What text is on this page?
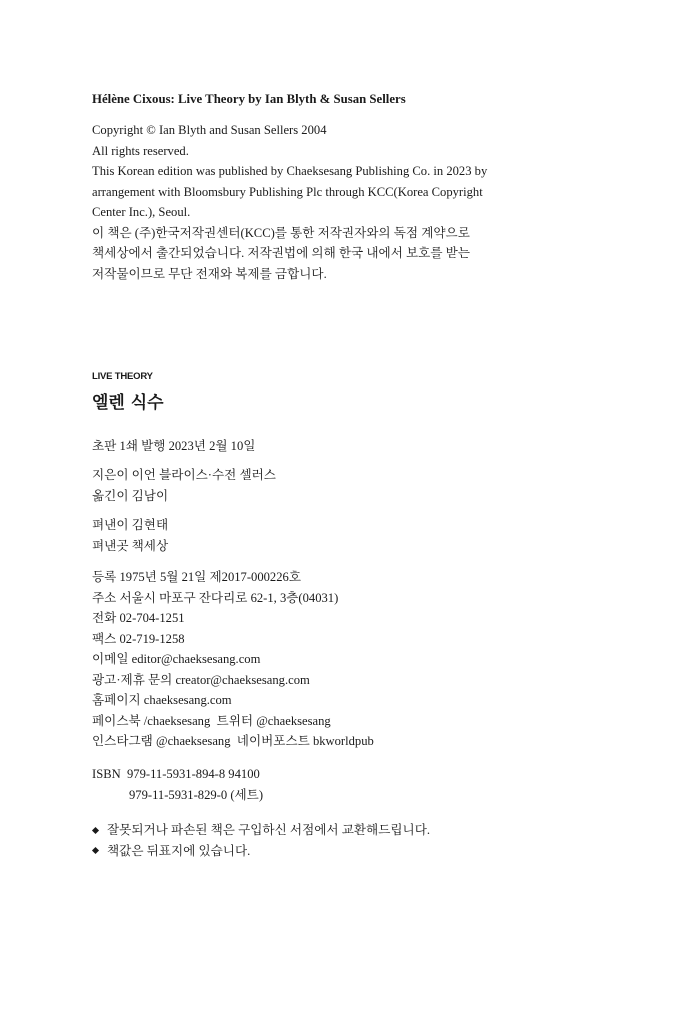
Hélène Cixous: Live Theory by Ian Blyth & Susan Sellers
Copyright © Ian Blyth and Susan Sellers 2004
All rights reserved.
This Korean edition was published by Chaeksesang Publishing Co. in 2023 by
arrangement with Bloomsbury Publishing Plc through KCC(Korea Copyright
Center Inc.), Seoul.
이 책은 (주)한국저작권센터(KCC)를 통한 저작권자와의 독점 계약으로
책세상에서 출간되었습니다. 저작권법에 의해 한국 내에서 보호를 받는
저작물이므로 무단 전재와 복제를 금합니다.
LIVE THEORY
엘렌 식수
초판 1쇄 발행 2023년 2월 10일
지은이 이언 블라이스·수전 셀러스
옮긴이 김남이
펴낸이 김현태
펴낸곳 책세상
등록 1975년 5월 21일 제2017-000226호
주소 서울시 마포구 잔다리로 62-1, 3층(04031)
전화 02-704-1251
팩스 02-719-1258
이메일 editor@chaeksesang.com
광고·제휴 문의 creator@chaeksesang.com
홈페이지 chaeksesang.com
페이스북 /chaeksesang  트위터 @chaeksesang
인스타그램 @chaeksesang  네이버포스트 bkworldpub
ISBN  979-11-5931-894-8 94100
979-11-5931-829-0 (세트)
잘못되거나 파손된 책은 구입하신 서점에서 교환해드립니다.
책값은 뒤표지에 있습니다.
